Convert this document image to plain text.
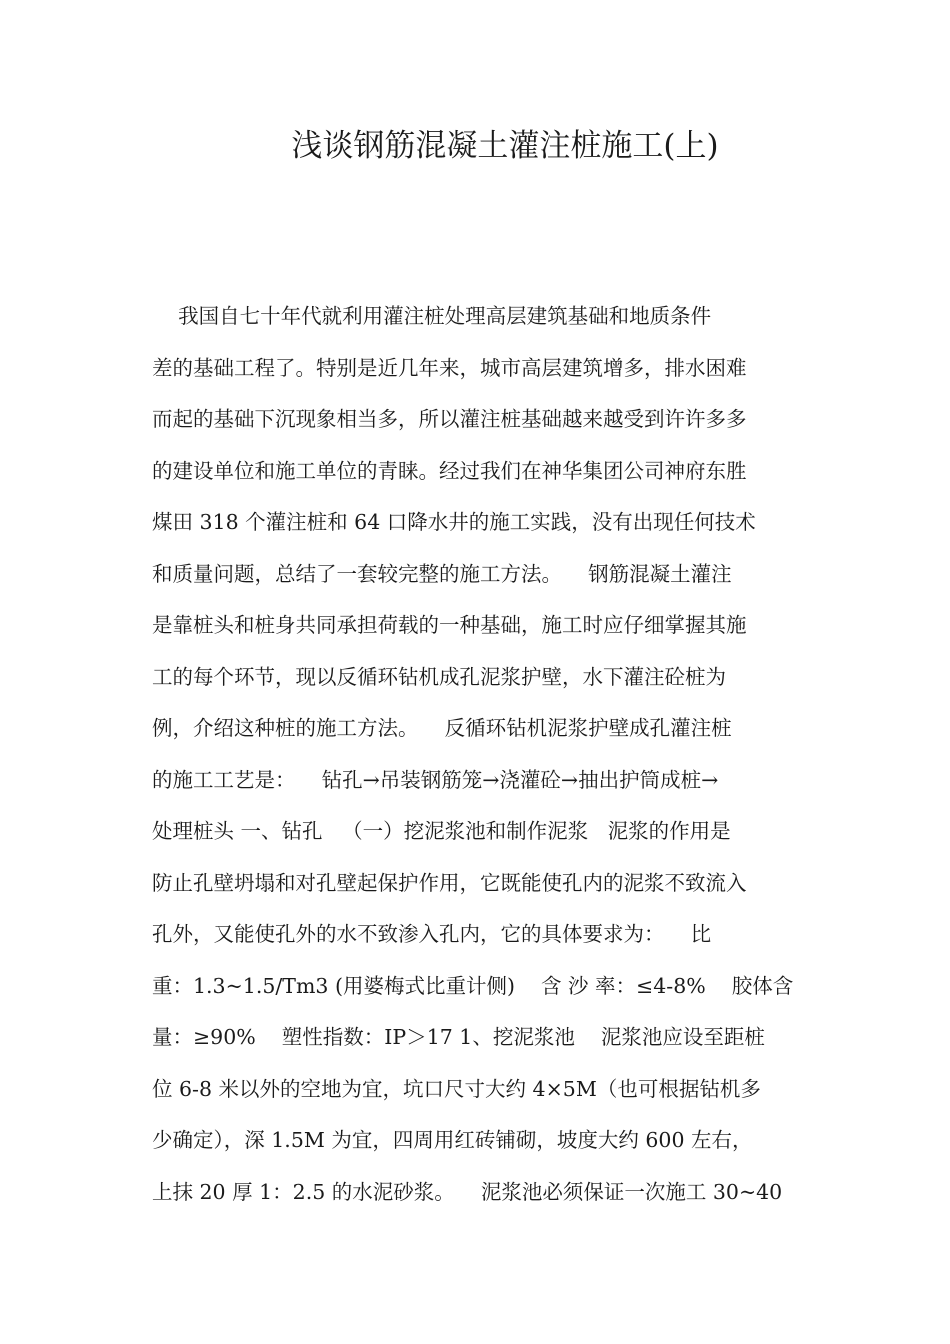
浅谈钢筋混凝土灌注桩施工(上)
我国自七十年代就利用灌注桩处理高层建筑基础和地质条件
差的基础工程了。特别是近几年来，城市高层建筑增多，排水困难
而起的基础下沉现象相当多，所以灌注桩基础越来越受到许许多多
的建设单位和施工单位的青睐。经过我们在神华集团公司神府东胜
煤田 318 个灌注桩和 64 口降水井的施工实践，没有出现任何技术
和质量问题，总结了一套较完整的施工方法。    钢筋混凝土灌注
是靠桩头和桩身共同承担荷载的一种基础，施工时应仔细掌握其施
工的每个环节，现以反循环钻机成孔泥浆护壁，水下灌注砼桩为
例，介绍这种桩的施工方法。    反循环钻机泥浆护壁成孔灌注桩
的施工工艺是：    钻孔→吊装钢筋笼→浇灌砼→抽出护筒成桩→
处理桩头 一、钻孔   （一）挖泥浆池和制作泥浆   泥浆的作用是
防止孔壁坍塌和对孔壁起保护作用，它既能使孔内的泥浆不致流入
孔外，又能使孔外的水不致渗入孔内，它的具体要求为：    比
重：1.3~1.5/Tm3 (用婆梅式比重计侧)    含 沙 率：≤4-8%    胶体含
量：≥90%    塑性指数：IP＞17 1、挖泥浆池    泥浆池应设至距桩
位 6-8 米以外的空地为宜，坑口尺寸大约 4×5M（也可根据钻机多
少确定），深 1.5M 为宜，四周用红砖铺砌，坡度大约 600 左右，
上抹 20 厚 1：2.5 的水泥砂浆。    泥浆池必须保证一次施工 30~40
